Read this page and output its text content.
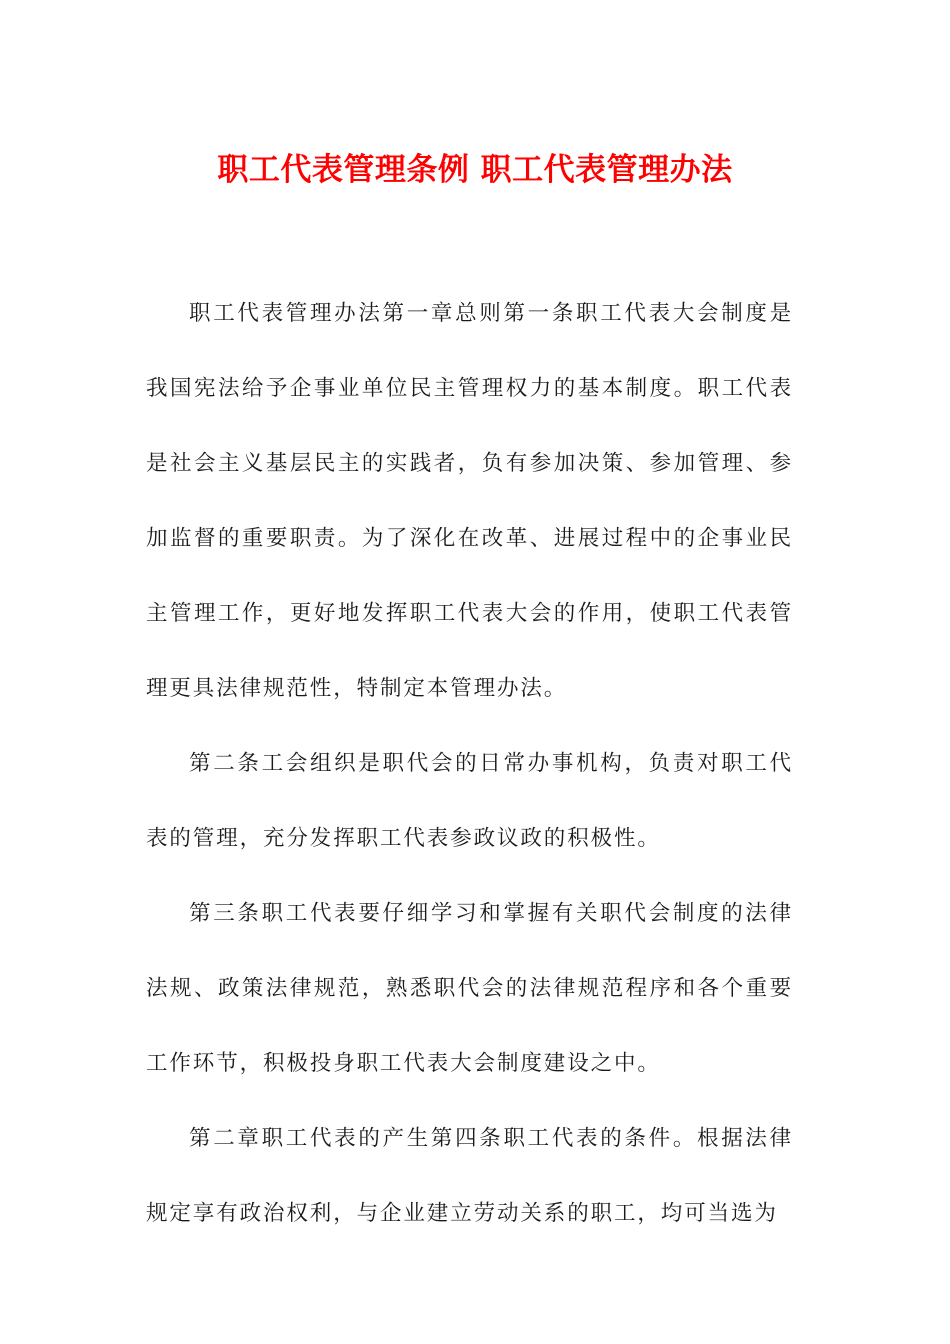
职工代表管理条例 职工代表管理办法

职工代表管理办法第一章总则第一条职工代表大会制度是我国宪法给予企事业单位民主管理权力的基本制度。职工代表是社会主义基层民主的实践者，负有参加决策、参加管理、参加监督的重要职责。为了深化在改革、进展过程中的企事业民主管理工作，更好地发挥职工代表大会的作用，使职工代表管理更具法律规范性，特制定本管理办法。

第二条工会组织是职代会的日常办事机构，负责对职工代表的管理，充分发挥职工代表参政议政的积极性。

第三条职工代表要仔细学习和掌握有关职代会制度的法律法规、政策法律规范，熟悉职代会的法律规范程序和各个重要工作环节，积极投身职工代表大会制度建设之中。

第二章职工代表的产生第四条职工代表的条件。根据法律规定享有政治权利，与企业建立劳动关系的职工，均可当选为
